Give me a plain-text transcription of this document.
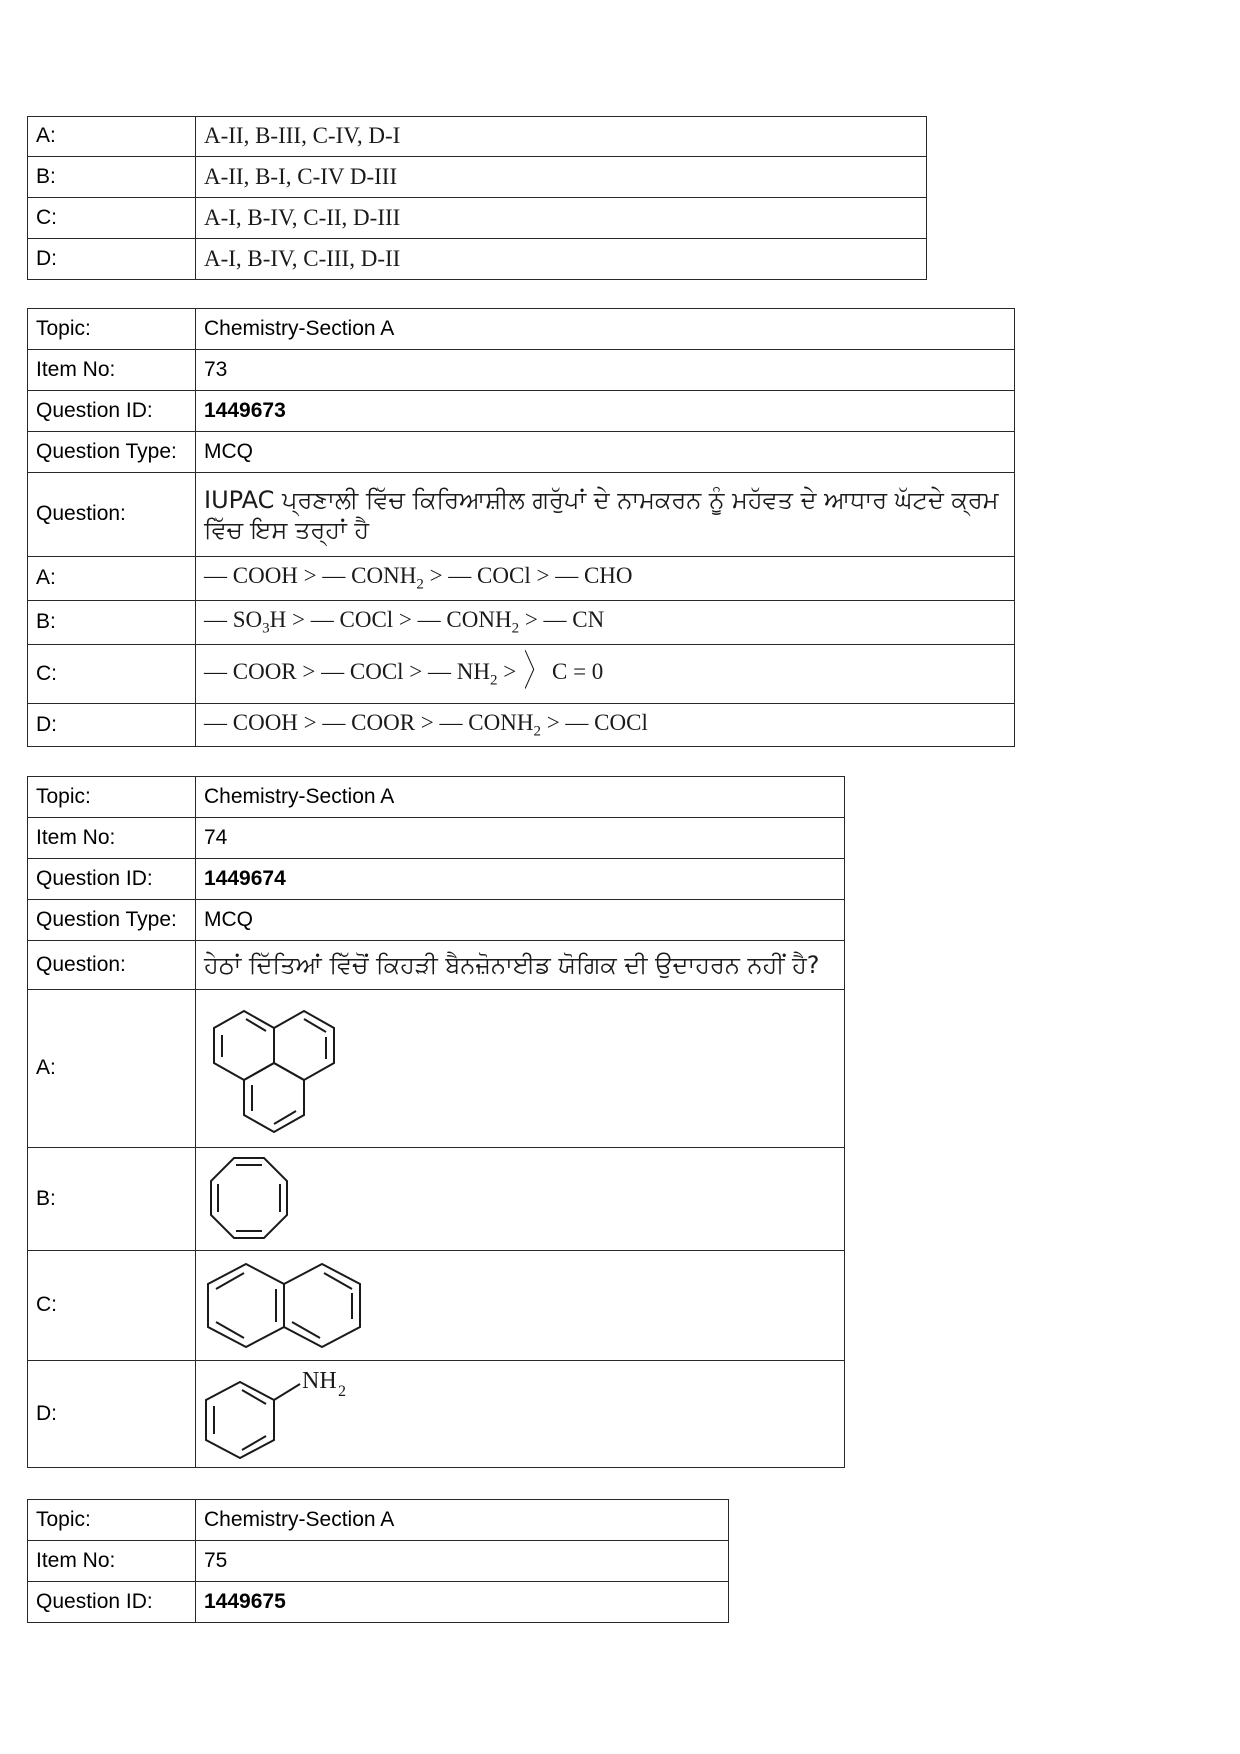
A:	A-II, B-III, C-IV, D-I
B:	A-II, B-I, C-IV D-III
C:	A-I, B-IV, C-II, D-III
D:	A-I, B-IV, C-III, D-II
Topic:	Chemistry-Section A
Item No:	73
Question ID:	1449673
Question Type:	MCQ
Question:	IUPAC ਪ੍ਰਣਾਲੀ ਵਿੱਚ ਕਿਰਿਆਸ਼ੀਲ ਗਰੁੱਪਾਂ ਦੇ ਨਾਮਕਰਨ ਨੂੰ ਮਹੱਵਤ ਦੇ ਆਧਾਰ ਘੱਟਦੇ ਕ੍ਰਮ ਵਿੱਚ ਇਸ ਤਰ੍ਹਾਂ ਹੈ
A:	— COOH > — $CONH_2$ > — COCl > — CHO
B:	— $SO_3H$ > — COCl > — $CONH_2$ > — CN
C:	— COOR > — COCl > — $NH_2$ > 〉 C = 0
D:	— COOH > — COOR > — $CONH_2$ > — COCl
Topic:	Chemistry-Section A
Item No:	74
Question ID:	1449674
Question Type:	MCQ
Question:	ਹੇਠਾਂ ਦਿੱਤਿਆਂ ਵਿੱਚੋਂ ਕਿਹੜੀ ਬੈਨਜ਼ੋਨਾਈਡ ਯੋਗਿਕ ਦੀ ਉਦਾਹਰਨ ਨਹੀਂ ਹੈ?
A:	

B:	

C:	

D:	NH 2
Topic:	Chemistry-Section A
Item No:	75
Question ID:	1449675
